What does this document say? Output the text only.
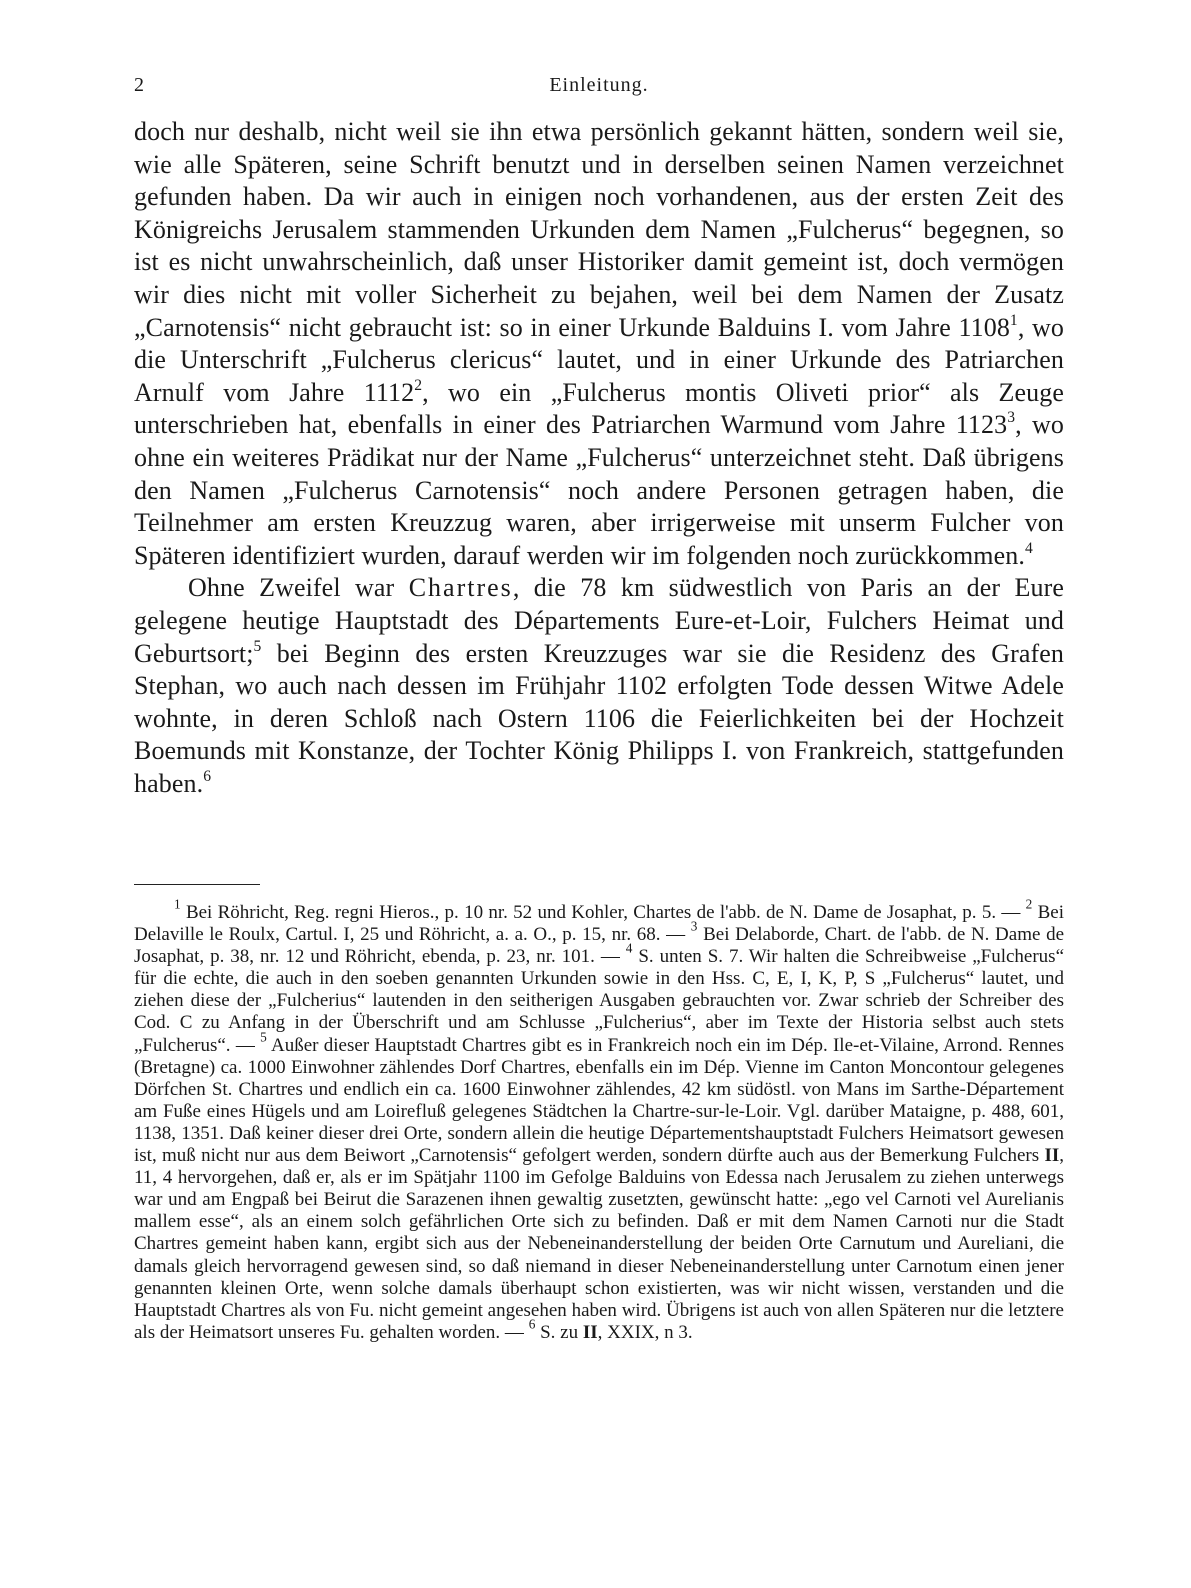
2	Einleitung.

doch nur deshalb, nicht weil sie ihn etwa persönlich gekannt hätten, sondern weil sie, wie alle Späteren, seine Schrift benutzt und in derselben seinen Namen verzeichnet gefunden haben. Da wir auch in einigen noch vorhandenen, aus der ersten Zeit des Königreichs Jerusalem stammenden Urkunden dem Namen „Fulcherus“ begegnen, so ist es nicht unwahrscheinlich, daß unser Historiker damit gemeint ist, doch vermögen wir dies nicht mit voller Sicherheit zu bejahen, weil bei dem Namen der Zusatz „Carnotensis“ nicht gebraucht ist: so in einer Urkunde Balduins I. vom Jahre 1108$^1$, wo die Unterschrift „Fulcherus clericus“ lautet, und in einer Urkunde des Patriarchen Arnulf vom Jahre 1112$^2$, wo ein „Fulcherus montis Oliveti prior“ als Zeuge unterschrieben hat, ebenfalls in einer des Patriarchen Warmund vom Jahre 1123$^3$, wo ohne ein weiteres Prädikat nur der Name „Fulcherus“ unterzeichnet steht. Daß übrigens den Namen „Fulcherus Carnotensis“ noch andere Personen getragen haben, die Teilnehmer am ersten Kreuzzug waren, aber irrigerweise mit unserm Fulcher von Späteren identifiziert wurden, darauf werden wir im folgenden noch zurückkommen.$^4$

Ohne Zweifel war Chartres, die 78 km südwestlich von Paris an der Eure gelegene heutige Hauptstadt des Départements Eure-et-Loir, Fulchers Heimat und Geburtsort;$^5$ bei Beginn des ersten Kreuzzuges war sie die Residenz des Grafen Stephan, wo auch nach dessen im Frühjahr 1102 erfolgten Tode dessen Witwe Adele wohnte, in deren Schloß nach Ostern 1106 die Feierlichkeiten bei der Hochzeit Boemunds mit Konstanze, der Tochter König Philipps I. von Frankreich, stattgefunden haben.$^6$

$^1$ Bei Röhricht, Reg. regni Hieros., p. 10 nr. 52 und Kohler, Chartes de l'abb. de N. Dame de Josaphat, p. 5. — $^2$ Bei Delaville le Roulx, Cartul. I, 25 und Röhricht, a. a. O., p. 15, nr. 68. — $^3$ Bei Delaborde, Chart. de l'abb. de N. Dame de Josaphat, p. 38, nr. 12 und Röhricht, ebenda, p. 23, nr. 101. — $^4$ S. unten S. 7. Wir halten die Schreibweise „Fulcherus“ für die echte, die auch in den soeben genannten Urkunden sowie in den Hss. C, E, I, K, P, S „Fulcherus“ lautet, und ziehen diese der „Fulcherius“ lautenden in den seitherigen Ausgaben gebrauchten vor. Zwar schrieb der Schreiber des Cod. C zu Anfang in der Überschrift und am Schlusse „Fulcherius“, aber im Texte der Historia selbst auch stets „Fulcherus“. — $^5$ Außer dieser Hauptstadt Chartres gibt es in Frankreich noch ein im Dép. Ile-et-Vilaine, Arrond. Rennes (Bretagne) ca. 1000 Einwohner zählendes Dorf Chartres, ebenfalls ein im Dép. Vienne im Canton Moncontour gelegenes Dörfchen St. Chartres und endlich ein ca. 1600 Einwohner zählendes, 42 km südöstl. von Mans im Sarthe-Département am Fuße eines Hügels und am Loirefluß gelegenes Städtchen la Chartre-sur-le-Loir. Vgl. darüber Mataigne, p. 488, 601, 1138, 1351. Daß keiner dieser drei Orte, sondern allein die heutige Départementshauptstadt Fulchers Heimatsort gewesen ist, muß nicht nur aus dem Beiwort „Carnotensis“ gefolgert werden, sondern dürfte auch aus der Bemerkung Fulchers II, 11, 4 hervorgehen, daß er, als er im Spätjahr 1100 im Gefolge Balduins von Edessa nach Jerusalem zu ziehen unterwegs war und am Engpaß bei Beirut die Sarazenen ihnen gewaltig zusetzten, gewünscht hatte: „ego vel Carnoti vel Aurelianis mallem esse“, als an einem solch gefährlichen Orte sich zu befinden. Daß er mit dem Namen Carnoti nur die Stadt Chartres gemeint haben kann, ergibt sich aus der Nebeneinanderstellung der beiden Orte Carnutum und Aureliani, die damals gleich hervorragend gewesen sind, so daß niemand in dieser Nebeneinanderstellung unter Carnotum einen jener genannten kleinen Orte, wenn solche damals überhaupt schon existierten, was wir nicht wissen, verstanden und die Hauptstadt Chartres als von Fu. nicht gemeint angesehen haben wird. Übrigens ist auch von allen Späteren nur die letztere als der Heimatsort unseres Fu. gehalten worden. — $^6$ S. zu II, XXIX, n 3.
